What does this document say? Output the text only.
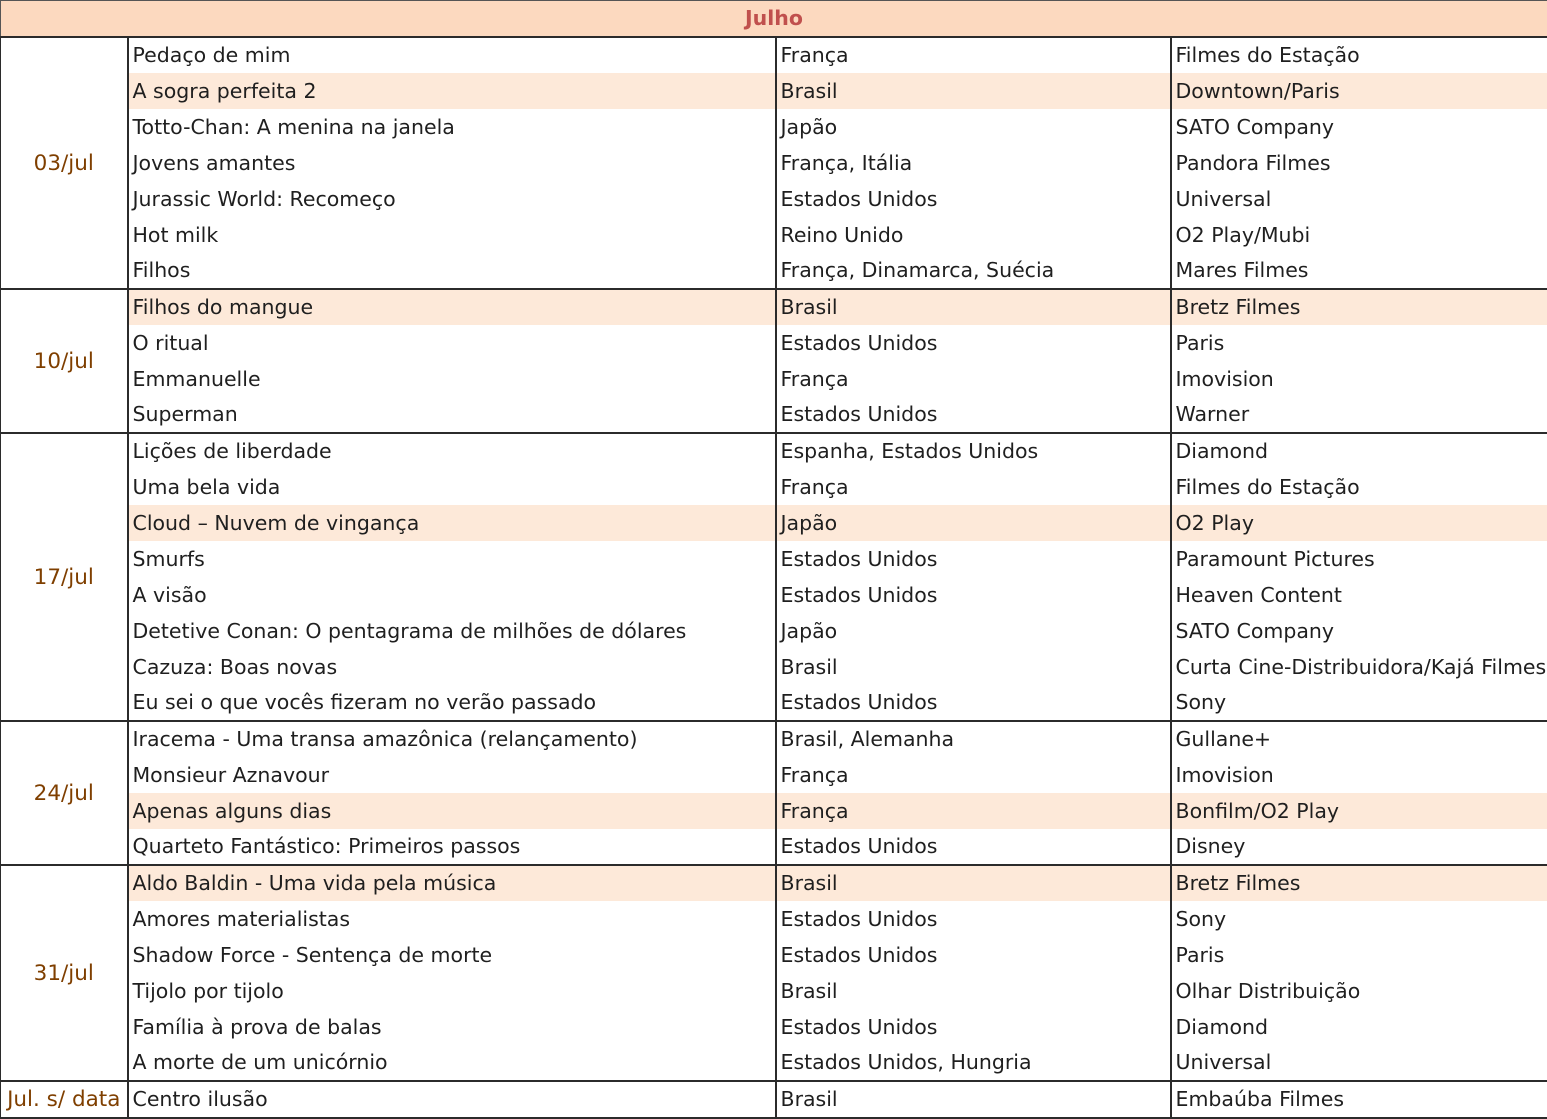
Julho			
03/jul	Pedaço de mim	França	Filmes do Estação
	A sogra perfeita 2	Brasil	Downtown/Paris
	Totto-Chan: A menina na janela	Japão	SATO Company
	Jovens amantes	França, Itália	Pandora Filmes
	Jurassic World: Recomeço	Estados Unidos	Universal
	Hot milk	Reino Unido	O2 Play/Mubi
	Filhos	França, Dinamarca, Suécia	Mares Filmes
10/jul	Filhos do mangue	Brasil	Bretz Filmes
	O ritual	Estados Unidos	Paris
	Emmanuelle	França	Imovision
	Superman	Estados Unidos	Warner
17/jul	Lições de liberdade	Espanha, Estados Unidos	Diamond
	Uma bela vida	França	Filmes do Estação
	Cloud – Nuvem de vingança	Japão	O2 Play
	Smurfs	Estados Unidos	Paramount Pictures
	A visão	Estados Unidos	Heaven Content
	Detetive Conan: O pentagrama de milhões de dólares	Japão	SATO Company
	Cazuza: Boas novas	Brasil	Curta Cine-Distribuidora/Kajá Filmes
	Eu sei o que vocês fizeram no verão passado	Estados Unidos	Sony
24/jul	Iracema - Uma transa amazônica (relançamento)	Brasil, Alemanha	Gullane+
	Monsieur Aznavour	França	Imovision
	Apenas alguns dias	França	Bonfilm/O2 Play
	Quarteto Fantástico: Primeiros passos	Estados Unidos	Disney
31/jul	Aldo Baldin - Uma vida pela música	Brasil	Bretz Filmes
	Amores materialistas	Estados Unidos	Sony
	Shadow Force - Sentença de morte	Estados Unidos	Paris
	Tijolo por tijolo	Brasil	Olhar Distribuição
	Família à prova de balas	Estados Unidos	Diamond
	A morte de um unicórnio	Estados Unidos, Hungria	Universal
Jul. s/ data	Centro ilusão	Brasil	Embaúba Filmes
